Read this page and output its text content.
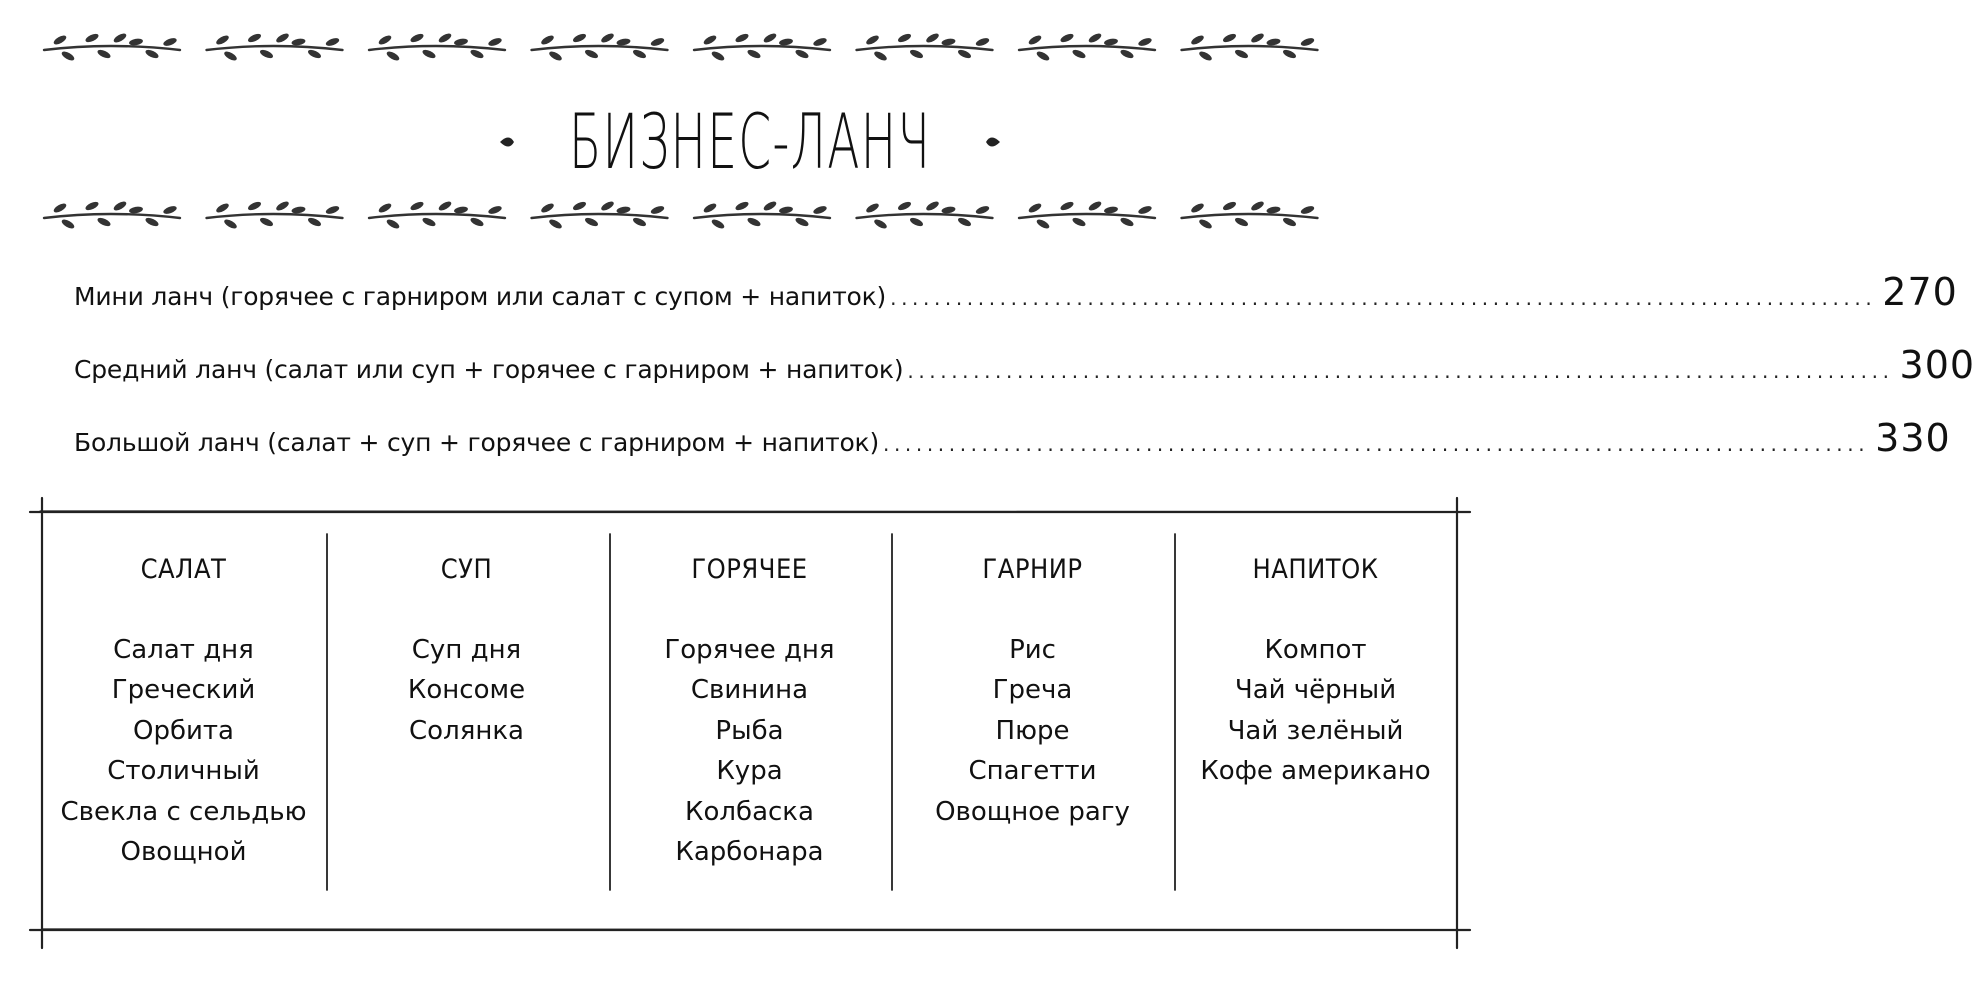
БИЗНЕС-ЛАНЧ
Мини ланч (горячее с гарниром или салат с супом + напиток) .......................................................................................... 270
Средний ланч (салат или суп + горячее с гарниром + напиток) .......................................................................................... 300
Большой ланч (салат + суп + горячее с гарниром + напиток) .......................................................................................... 330
САЛАТ
Салат дня
Греческий
Орбита
Столичный
Свекла с сельдью
Овощной
СУП
Суп дня
Консоме
Солянка
ГОРЯЧЕЕ
Горячее дня
Свинина
Рыба
Кура
Колбаска
Карбонара
ГАРНИР
Рис
Греча
Пюре
Спагетти
Овощное рагу
НАПИТОК
Компот
Чай чёрный
Чай зелёный
Кофе американо
